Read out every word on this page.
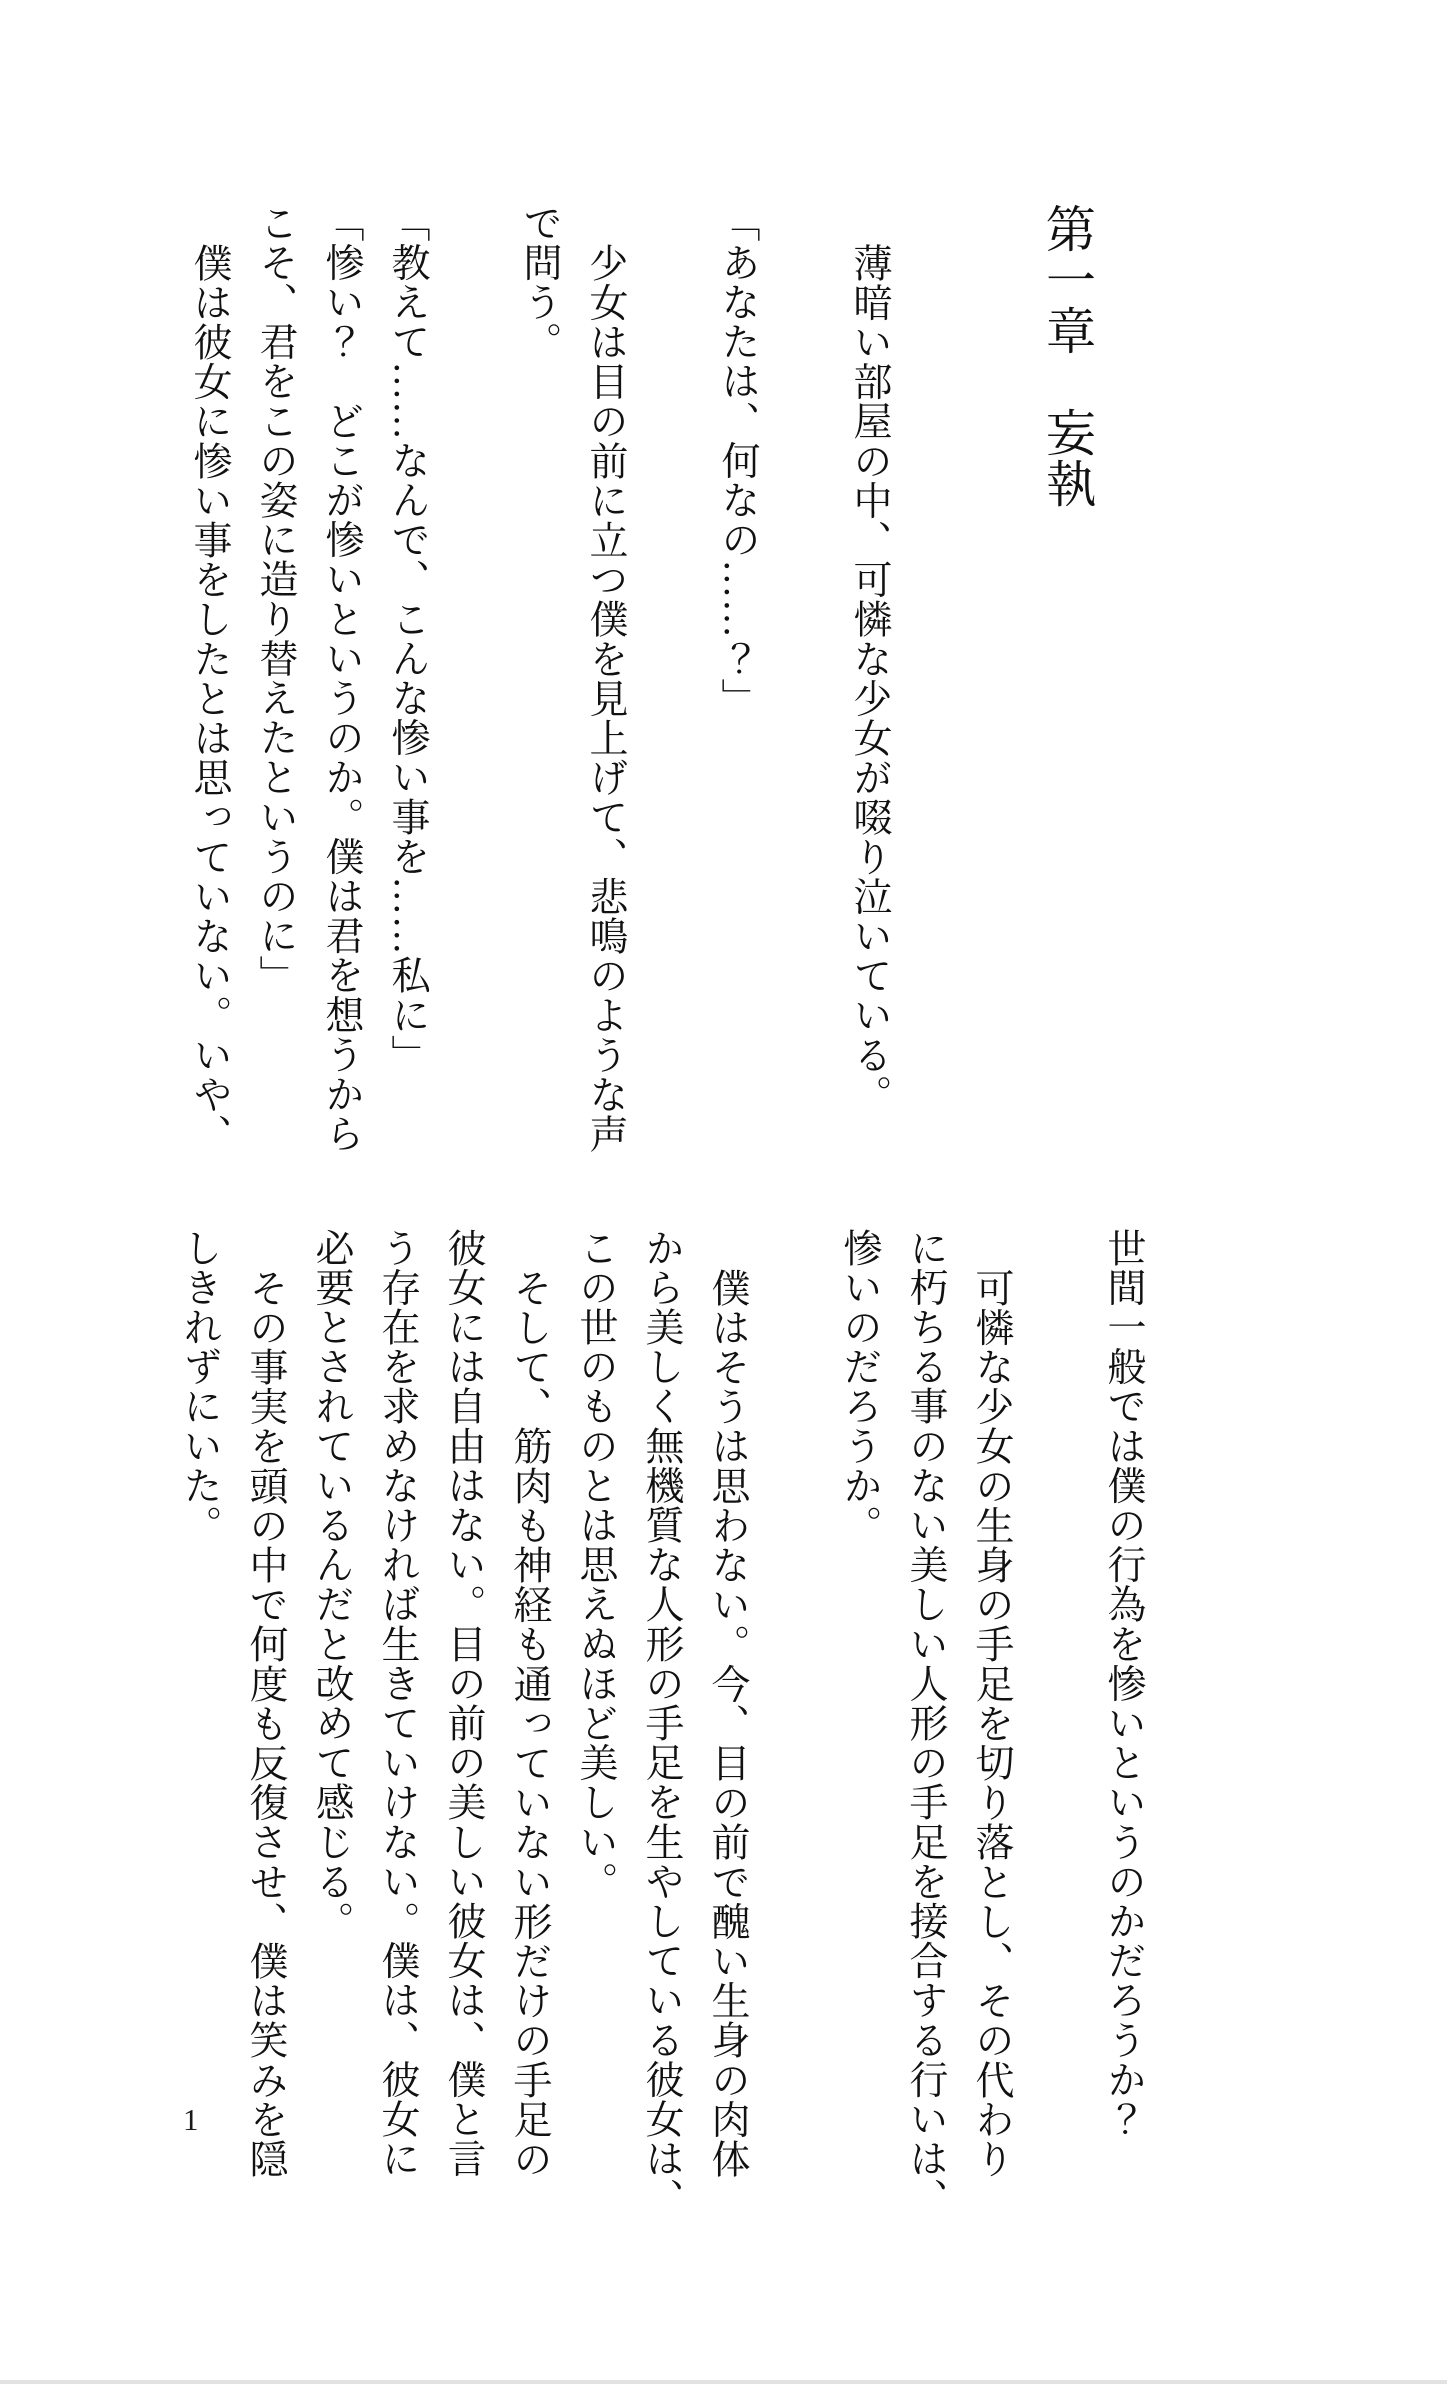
第一章　妄執

薄暗い部屋の中、可憐な少女が啜り泣いている。

「あなたは、何なの……？」

少女は目の前に立つ僕を見上げて、悲鳴のような声

で問う。

「教えて……なんで、こんな惨い事を……私に」

「惨い？　どこが惨いというのか。僕は君を想うから

こそ、君をこの姿に造り替えたというのに」

僕は彼女に惨い事をしたとは思っていない。いや、

世間一般では僕の行為を惨いというのかだろうか？

可憐な少女の生身の手足を切り落とし、その代わり

に朽ちる事のない美しい人形の手足を接合する行いは、

惨いのだろうか。

僕はそうは思わない。今、目の前で醜い生身の肉体

から美しく無機質な人形の手足を生やしている彼女は、

この世のものとは思えぬほど美しい。

そして、筋肉も神経も通っていない形だけの手足の

彼女には自由はない。目の前の美しい彼女は、僕と言

う存在を求めなければ生きていけない。僕は、彼女に

必要とされているんだと改めて感じる。

その事実を頭の中で何度も反復させ、僕は笑みを隠

しきれずにいた。

1
